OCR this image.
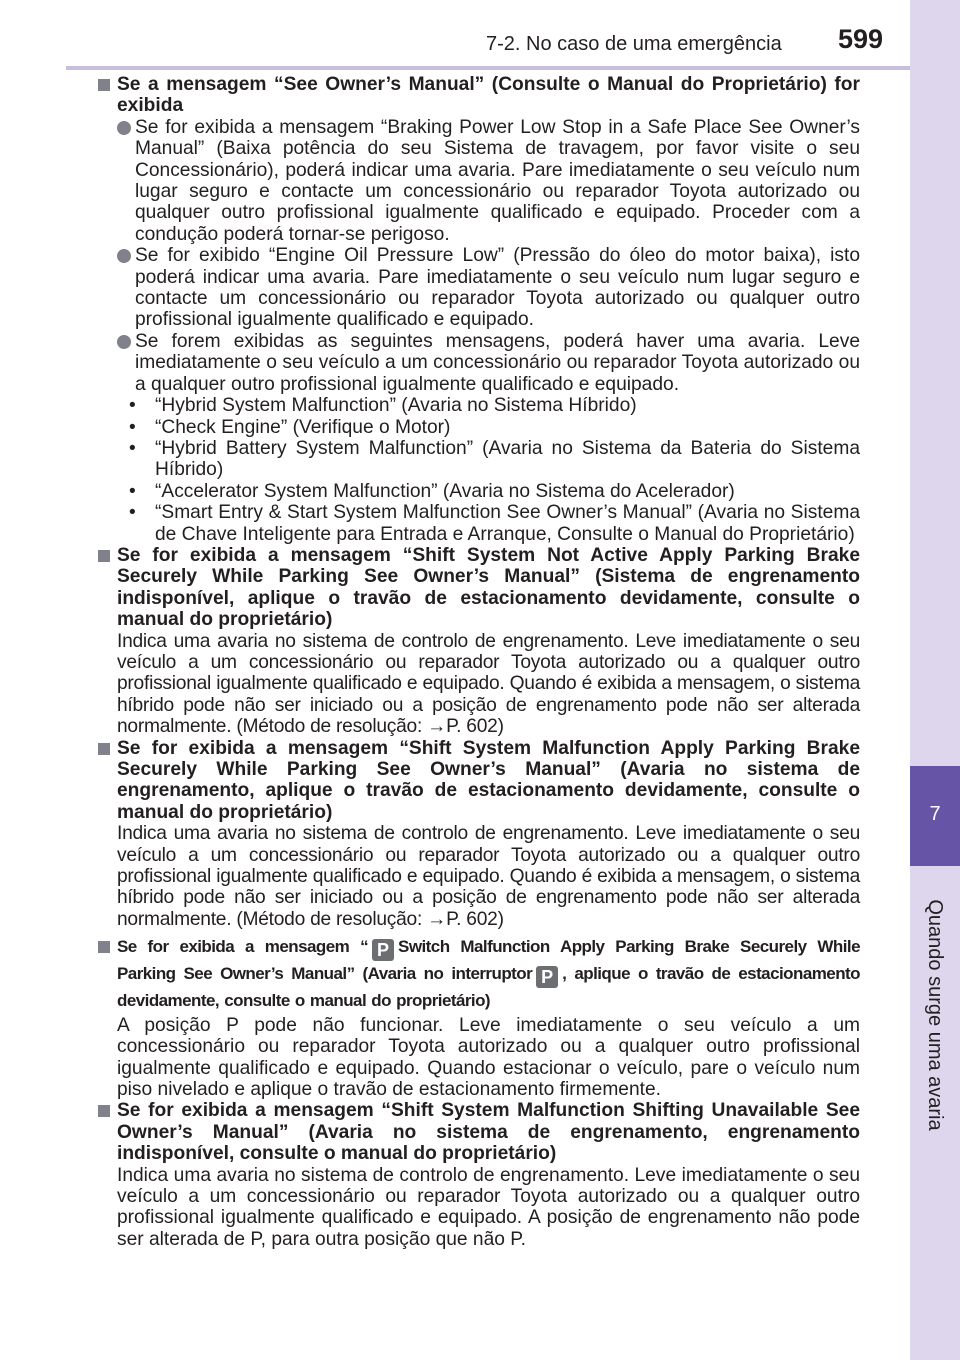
7-2. No caso de uma emergência 599
7
Quando surge uma avaria

Se a mensagem “See Owner’s Manual” (Consulte o Manual do Proprietário) for exibida

Se for exibida a mensagem “Braking Power Low Stop in a Safe Place See Owner’s Manual” (Baixa potência do seu Sistema de travagem, por favor visite o seu Concessionário), poderá indicar uma avaria. Pare imediatamente o seu veículo num lugar seguro e contacte um concessionário ou reparador Toyota autorizado ou qualquer outro profissional igualmente qualificado e equipado. Proceder com a condução poderá tornar-se perigoso.

Se for exibido “Engine Oil Pressure Low” (Pressão do óleo do motor baixa), isto poderá indicar uma avaria. Pare imediatamente o seu veículo num lugar seguro e contacte um concessionário ou reparador Toyota autorizado ou qualquer outro profissional igualmente qualificado e equipado.

Se forem exibidas as seguintes mensagens, poderá haver uma avaria. Leve imediatamente o seu veículo a um concessionário ou reparador Toyota autorizado ou a qualquer outro profissional igualmente qualificado e equipado.

• “Hybrid System Malfunction” (Avaria no Sistema Híbrido)

• “Check Engine” (Verifique o Motor)

• “Hybrid Battery System Malfunction” (Avaria no Sistema da Bateria do Sistema Híbrido)

• “Accelerator System Malfunction” (Avaria no Sistema do Acelerador)

• “Smart Entry & Start System Malfunction See Owner’s Manual” (Avaria no Sistema de Chave Inteligente para Entrada e Arranque, Consulte o Manual do Proprietário)

Se for exibida a mensagem “Shift System Not Active Apply Parking Brake Securely While Parking See Owner’s Manual” (Sistema de engrenamento indisponível, aplique o travão de estacionamento devidamente, consulte o manual do proprietário)

Indica uma avaria no sistema de controlo de engrenamento. Leve imediatamente o seu veículo a um concessionário ou reparador Toyota autorizado ou a qualquer outro profissional igualmente qualificado e equipado. Quando é exibida a mensagem, o sistema híbrido pode não ser iniciado ou a posição de engrenamento pode não ser alterada normalmente. (Método de resolução: →P. 602)

Se for exibida a mensagem “Shift System Malfunction Apply Parking Brake Securely While Parking See Owner’s Manual” (Avaria no sistema de engrenamento, aplique o travão de estacionamento devidamente, consulte o manual do proprietário)

Indica uma avaria no sistema de controlo de engrenamento. Leve imediatamente o seu veículo a um concessionário ou reparador Toyota autorizado ou a qualquer outro profissional igualmente qualificado e equipado. Quando é exibida a mensagem, o sistema híbrido pode não ser iniciado ou a posição de engrenamento pode não ser alterada normalmente. (Método de resolução: →P. 602)

Se for exibida a mensagem “ P Switch Malfunction Apply Parking Brake Securely While Parking See Owner’s Manual” (Avaria no interruptor P , aplique o travão de estacionamento devidamente, consulte o manual do proprietário)

A posição P pode não funcionar. Leve imediatamente o seu veículo a um concessionário ou reparador Toyota autorizado ou a qualquer outro profissional igualmente qualificado e equipado. Quando estacionar o veículo, pare o veículo num piso nivelado e aplique o travão de estacionamento firmemente.

Se for exibida a mensagem “Shift System Malfunction Shifting Unavailable See Owner’s Manual” (Avaria no sistema de engrenamento, engrenamento indisponível, consulte o manual do proprietário)

Indica uma avaria no sistema de controlo de engrenamento. Leve imediatamente o seu veículo a um concessionário ou reparador Toyota autorizado ou a qualquer outro profissional igualmente qualificado e equipado. A posição de engrenamento não pode ser alterada de P, para outra posição que não P.
